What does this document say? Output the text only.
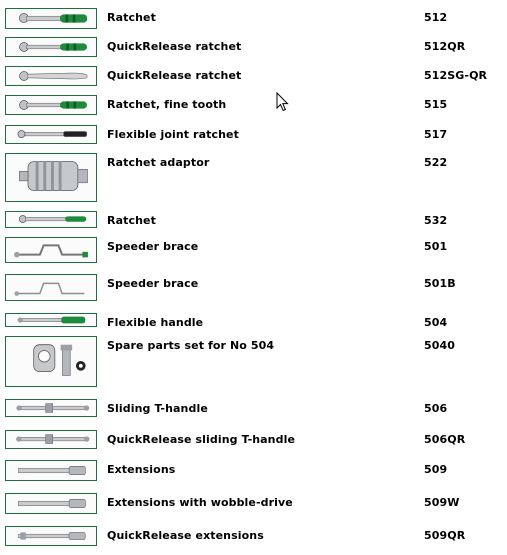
Ratchet	512
QuickRelease ratchet	512QR
QuickRelease ratchet	512SG-QR
Ratchet, fine tooth	515
Flexible joint ratchet	517
Ratchet adaptor	522
Ratchet	532
Speeder brace	501
Speeder brace	501B
Flexible handle	504
Spare parts set for No 504	5040
Sliding T-handle	506
QuickRelease sliding T-handle	506QR
Extensions	509
Extensions with wobble-drive	509W
QuickRelease extensions	509QR
